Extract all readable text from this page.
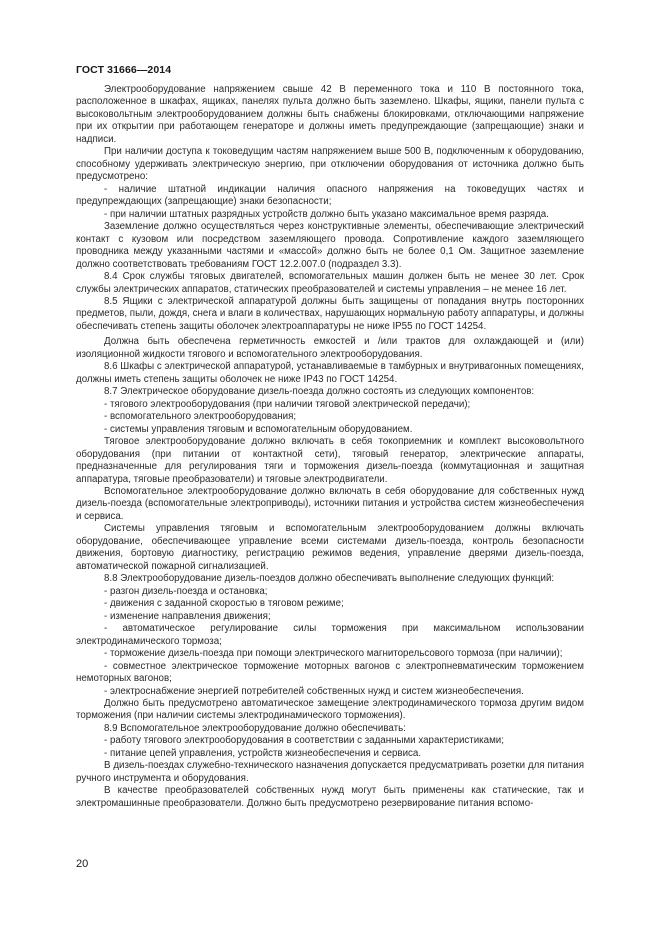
ГОСТ 31666—2014

Электрооборудование напряжением свыше 42 В переменного тока и 110 В постоянного тока, расположенное в шкафах, ящиках, панелях пульта должно быть заземлено. Шкафы, ящики, панели пульта с высоковольтным электрооборудованием должны быть снабжены блокировками, отключающими напряжение при их открытии при работающем генераторе и должны иметь предупреждающие (запрещающие) знаки и надписи.

При наличии доступа к токоведущим частям напряжением выше 500 В, подключенным к оборудованию, способному удерживать электрическую энергию, при отключении оборудования от источника должно быть предусмотрено:

- наличие штатной индикации наличия опасного напряжения на токоведущих частях и предупреждающих (запрещающие) знаки безопасности;

- при наличии штатных разрядных устройств должно быть указано максимальное время разряда.

Заземление должно осуществляться через конструктивные элементы, обеспечивающие электрический контакт с кузовом или посредством заземляющего провода. Сопротивление каждого заземляющего проводника между указанными частями и «массой» должно быть не более 0,1 Ом. Защитное заземление должно соответствовать требованиям ГОСТ 12.2.007.0 (подраздел 3.3).

8.4 Срок службы тяговых двигателей, вспомогательных машин должен быть не менее 30 лет. Срок службы электрических аппаратов, статических преобразователей и системы управления – не менее 16 лет.

8.5 Ящики с электрической аппаратурой должны быть защищены от попадания внутрь посторонних предметов, пыли, дождя, снега и влаги в количествах, нарушающих нормальную работу аппаратуры, и должны обеспечивать степень защиты оболочек электроаппаратуры не ниже IP55 по ГОСТ 14254.

Должна быть обеспечена герметичность емкостей и /или трактов для охлаждающей и (или) изоляционной жидкости тягового и вспомогательного электрооборудования.

8.6 Шкафы с электрической аппаратурой, устанавливаемые в тамбурных и внутривагонных помещениях, должны иметь степень защиты оболочек не ниже IP43 по ГОСТ 14254.

8.7 Электрическое оборудование дизель-поезда должно состоять из следующих компонентов:

- тягового электрооборудования (при наличии тяговой электрической передачи);

- вспомогательного электрооборудования;

- системы управления тяговым и вспомогательным оборудованием.

Тяговое электрооборудование должно включать в себя токоприемник и комплект высоковольтного оборудования (при питании от контактной сети), тяговый генератор, электрические аппараты, предназначенные для регулирования тяги и торможения дизель-поезда (коммутационная и защитная аппаратура, тяговые преобразователи) и тяговые электродвигатели.

Вспомогательное электрооборудование должно включать в себя оборудование для собственных нужд дизель-поезда (вспомогательные электроприводы), источники питания и устройства систем жизнеобеспечения и сервиса.

Системы управления тяговым и вспомогательным электрооборудованием должны включать оборудование, обеспечивающее управление всеми системами дизель-поезда, контроль безопасности движения, бортовую диагностику, регистрацию режимов ведения, управление дверями дизель-поезда, автоматической пожарной сигнализацией.

8.8 Электрооборудование дизель-поездов должно обеспечивать выполнение следующих функций:

- разгон дизель-поезда и остановка;

- движения с заданной скоростью в тяговом режиме;

- изменение направления движения;

- автоматическое регулирование силы торможения при максимальном использовании электродинамического тормоза;

- торможение дизель-поезда при помощи электрического магниторельсового тормоза (при наличии);

- совместное электрическое торможение моторных вагонов с электропневматическим торможением немоторных вагонов;

- электроснабжение энергией потребителей собственных нужд и систем жизнеобеспечения.

Должно быть предусмотрено автоматическое замещение электродинамического тормоза другим видом торможения (при наличии системы электродинамического торможения).

8.9 Вспомогательное электрооборудование должно обеспечивать:

- работу тягового электрооборудования в соответствии с заданными характеристиками;

- питание цепей управления, устройств жизнеобеспечения и сервиса.

В дизель-поездах служебно-технического назначения допускается предусматривать розетки для питания ручного инструмента и оборудования.

В качестве преобразователей собственных нужд могут быть применены как статические, так и электромашинные преобразователи. Должно быть предусмотрено резервирование питания вспомо-

20
